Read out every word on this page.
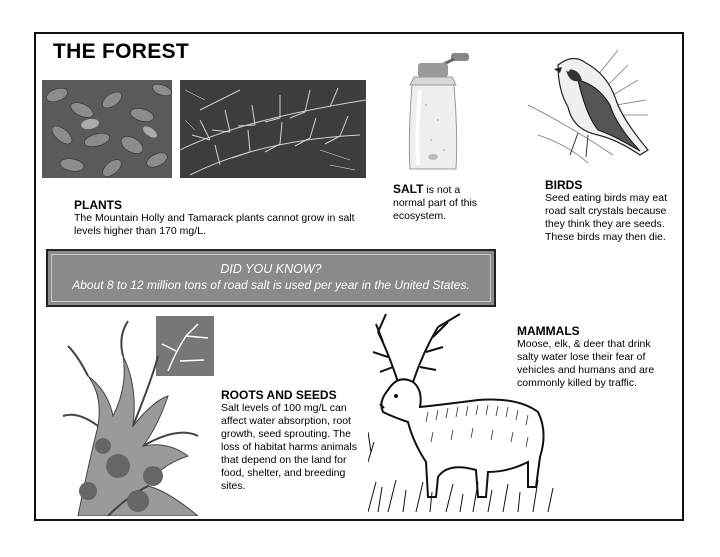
THE FOREST
PLANTS
The Mountain Holly and Tamarack plants cannot grow in salt levels higher than 170 mg/L.
SALT is not a normal part of this ecosystem.
BIRDS
Seed eating birds may eat road salt crystals because they think they are seeds. These birds may then die.
DID YOU KNOW?
About 8 to 12 million tons of road salt is used per year in the United States.
ROOTS AND SEEDS
Salt levels of 100 mg/L can affect water absorption, root growth, seed sprouting. The loss of habitat harms animals that depend on the land for food, shelter, and breeding sites.
MAMMALS
Moose, elk, & deer that drink salty water lose their fear of vehicles and humans and are commonly killed by traffic.
